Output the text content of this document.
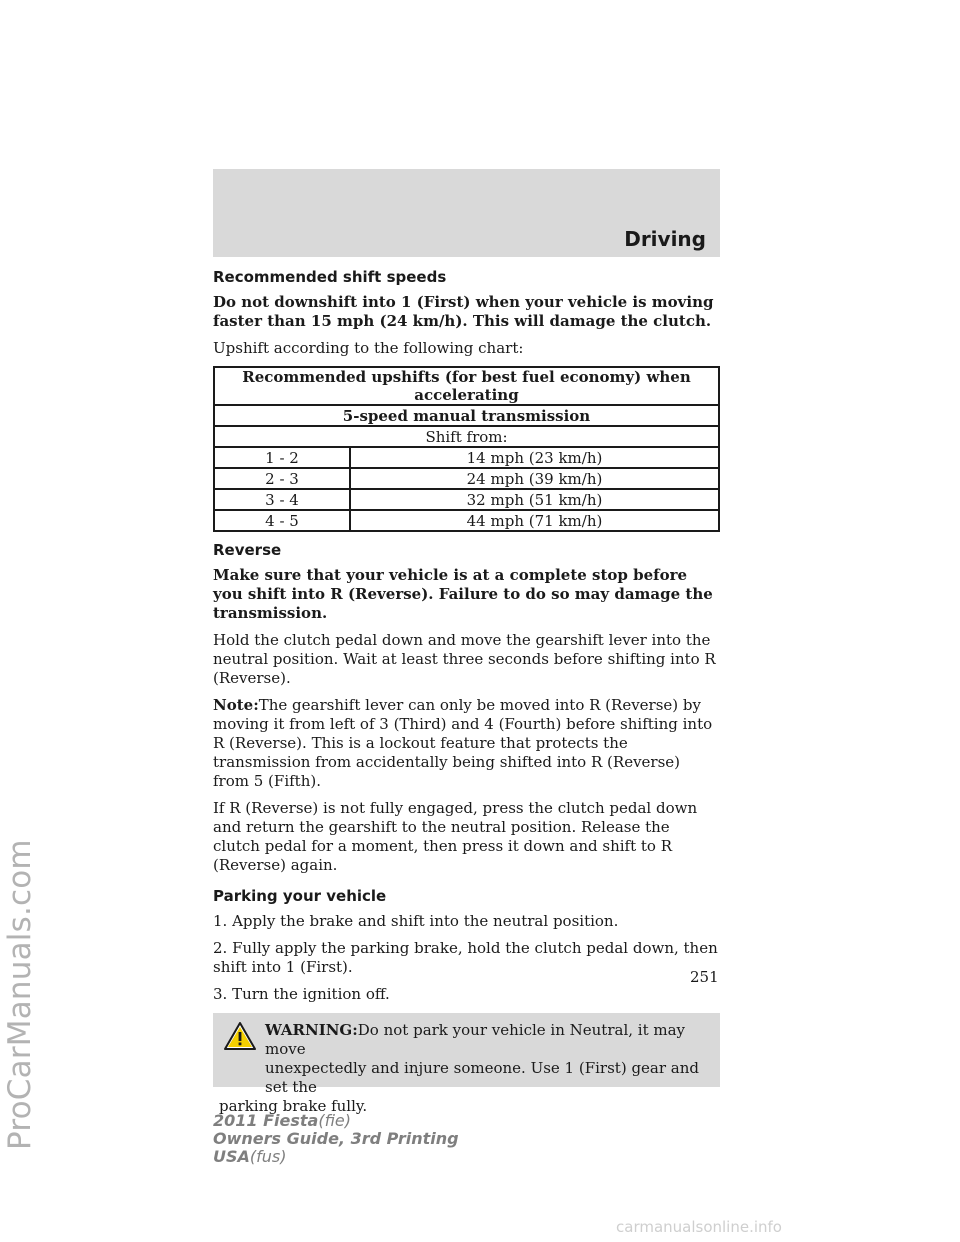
ProCarManuals.com
Driving
Recommended shift speeds

Do not downshift into 1 (First) when your vehicle is moving faster than 15 mph (24 km/h). This will damage the clutch.

Upshift according to the following chart:

Recommended upshifts (for best fuel economy) when accelerating	
5-speed manual transmission	
Shift from:	
1 - 2	14 mph (23 km/h)
2 - 3	24 mph (39 km/h)
3 - 4	32 mph (51 km/h)
4 - 5	44 mph (71 km/h)
Reverse

Make sure that your vehicle is at a complete stop before you shift into R (Reverse). Failure to do so may damage the transmission.

Hold the clutch pedal down and move the gearshift lever into the neutral position. Wait at least three seconds before shifting into R (Reverse).

Note:The gearshift lever can only be moved into R (Reverse) by moving it from left of 3 (Third) and 4 (Fourth) before shifting into R (Reverse). This is a lockout feature that protects the transmission from accidentally being shifted into R (Reverse) from 5 (Fifth).

If R (Reverse) is not fully engaged, press the clutch pedal down and return the gearshift to the neutral position. Release the clutch pedal for a moment, then press it down and shift to R (Reverse) again.

Parking your vehicle

1. Apply the brake and shift into the neutral position.

2. Fully apply the parking brake, hold the clutch pedal down, then shift into 1 (First).

3. Turn the ignition off.

WARNING:Do not park your vehicle in Neutral, it may move
unexpectedly and injure someone. Use 1 (First) gear and set the
parking brake fully.
251
2011 Fiesta(fie)
Owners Guide, 3rd Printing
USA(fus)
carmanualsonline.info
